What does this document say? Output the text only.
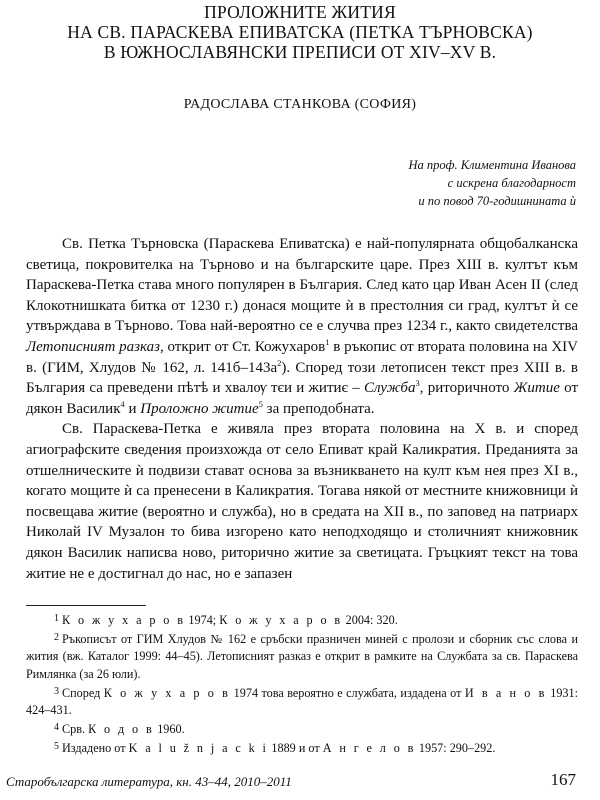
ПРОЛОЖНИТЕ ЖИТИЯ
НА СВ. ПАРАСКЕВА ЕПИВАТСКА (ПЕТКА ТЪРНОВСКА)
В ЮЖНОСЛАВЯНСКИ ПРЕПИСИ ОТ XIV–XV В.
РАДОСЛАВА СТАНКОВА (СОФИЯ)
На проф. Климентина Иванова
с искрена благодарност
и по повод 70-годишнината ѝ

Св. Петка Търновска (Параскева Епиватска) е най-популярната общобалканска светица, покровителка на Търново и на българските царе. През XIII в. култът към Параскева-Петка става много популярен в България. След като цар Иван Асен II (след Клокотнишката битка от 1230 г.) донася мощите ѝ в престолния си град, култът ѝ се утвърждава в Търново. Това най-вероятно се е случва през 1234 г., както свидетелства Летописният разказ, открит от Ст. Кожухаров$^1$ в ръкопис от втората половина на XIV в. (ГИМ, Хлудов № 162, л. $141б-143а^2$). Според този летописен текст през XIII в. в България са преведени пѣтѣ и хвалѹ тєи и житиє – Служба$^3$, риторичното Житие от дякон Василик$^4$ и Проложно житие$^5$ за преподобната.

Св. Параскева-Петка е живяла през втората половина на X в. и според агиографските сведения произхожда от село Епиват край Каликратия. Преданията за отшелническите ѝ подвизи стават основа за възникването на култ към нея през XI в., когато мощите ѝ са пренесени в Каликратия. Тогава някой от местните книжовници ѝ посвещава житие (вероятно и служба), но в средата на XII в., по заповед на патриарх Николай IV Музалон то бива изгорено като неподходящо и столичният книжовник дякон Василик написва ново, риторично житие за светицата. Гръцкият текст на това житие не е достигнал до нас, но е запазен

$^1$ К о ж у х а р о в 1974; К о ж у х а р о в 2004: 320.

$^2$ Ръкописът от ГИМ Хлудов № 162 е сръбски празничен миней с пролози и сборник със слова и жития (вж. Каталог 1999: 44–45). Летописният разказ е открит в рамките на Службата за св. Параскева Римлянка (за 26 юли).

$^3$ Според К о ж у х а р о в 1974 това вероятно е службата, издадена от И в а н о в 1931: 424–431.

$^4$ Срв. К о д о в 1960.

$^5$ Издадено от K a l u ž n j a c k i 1889 и от А н г е л о в 1957: 290–292.

Старобългарска литература, кн. 43–44, 2010–2011	167
